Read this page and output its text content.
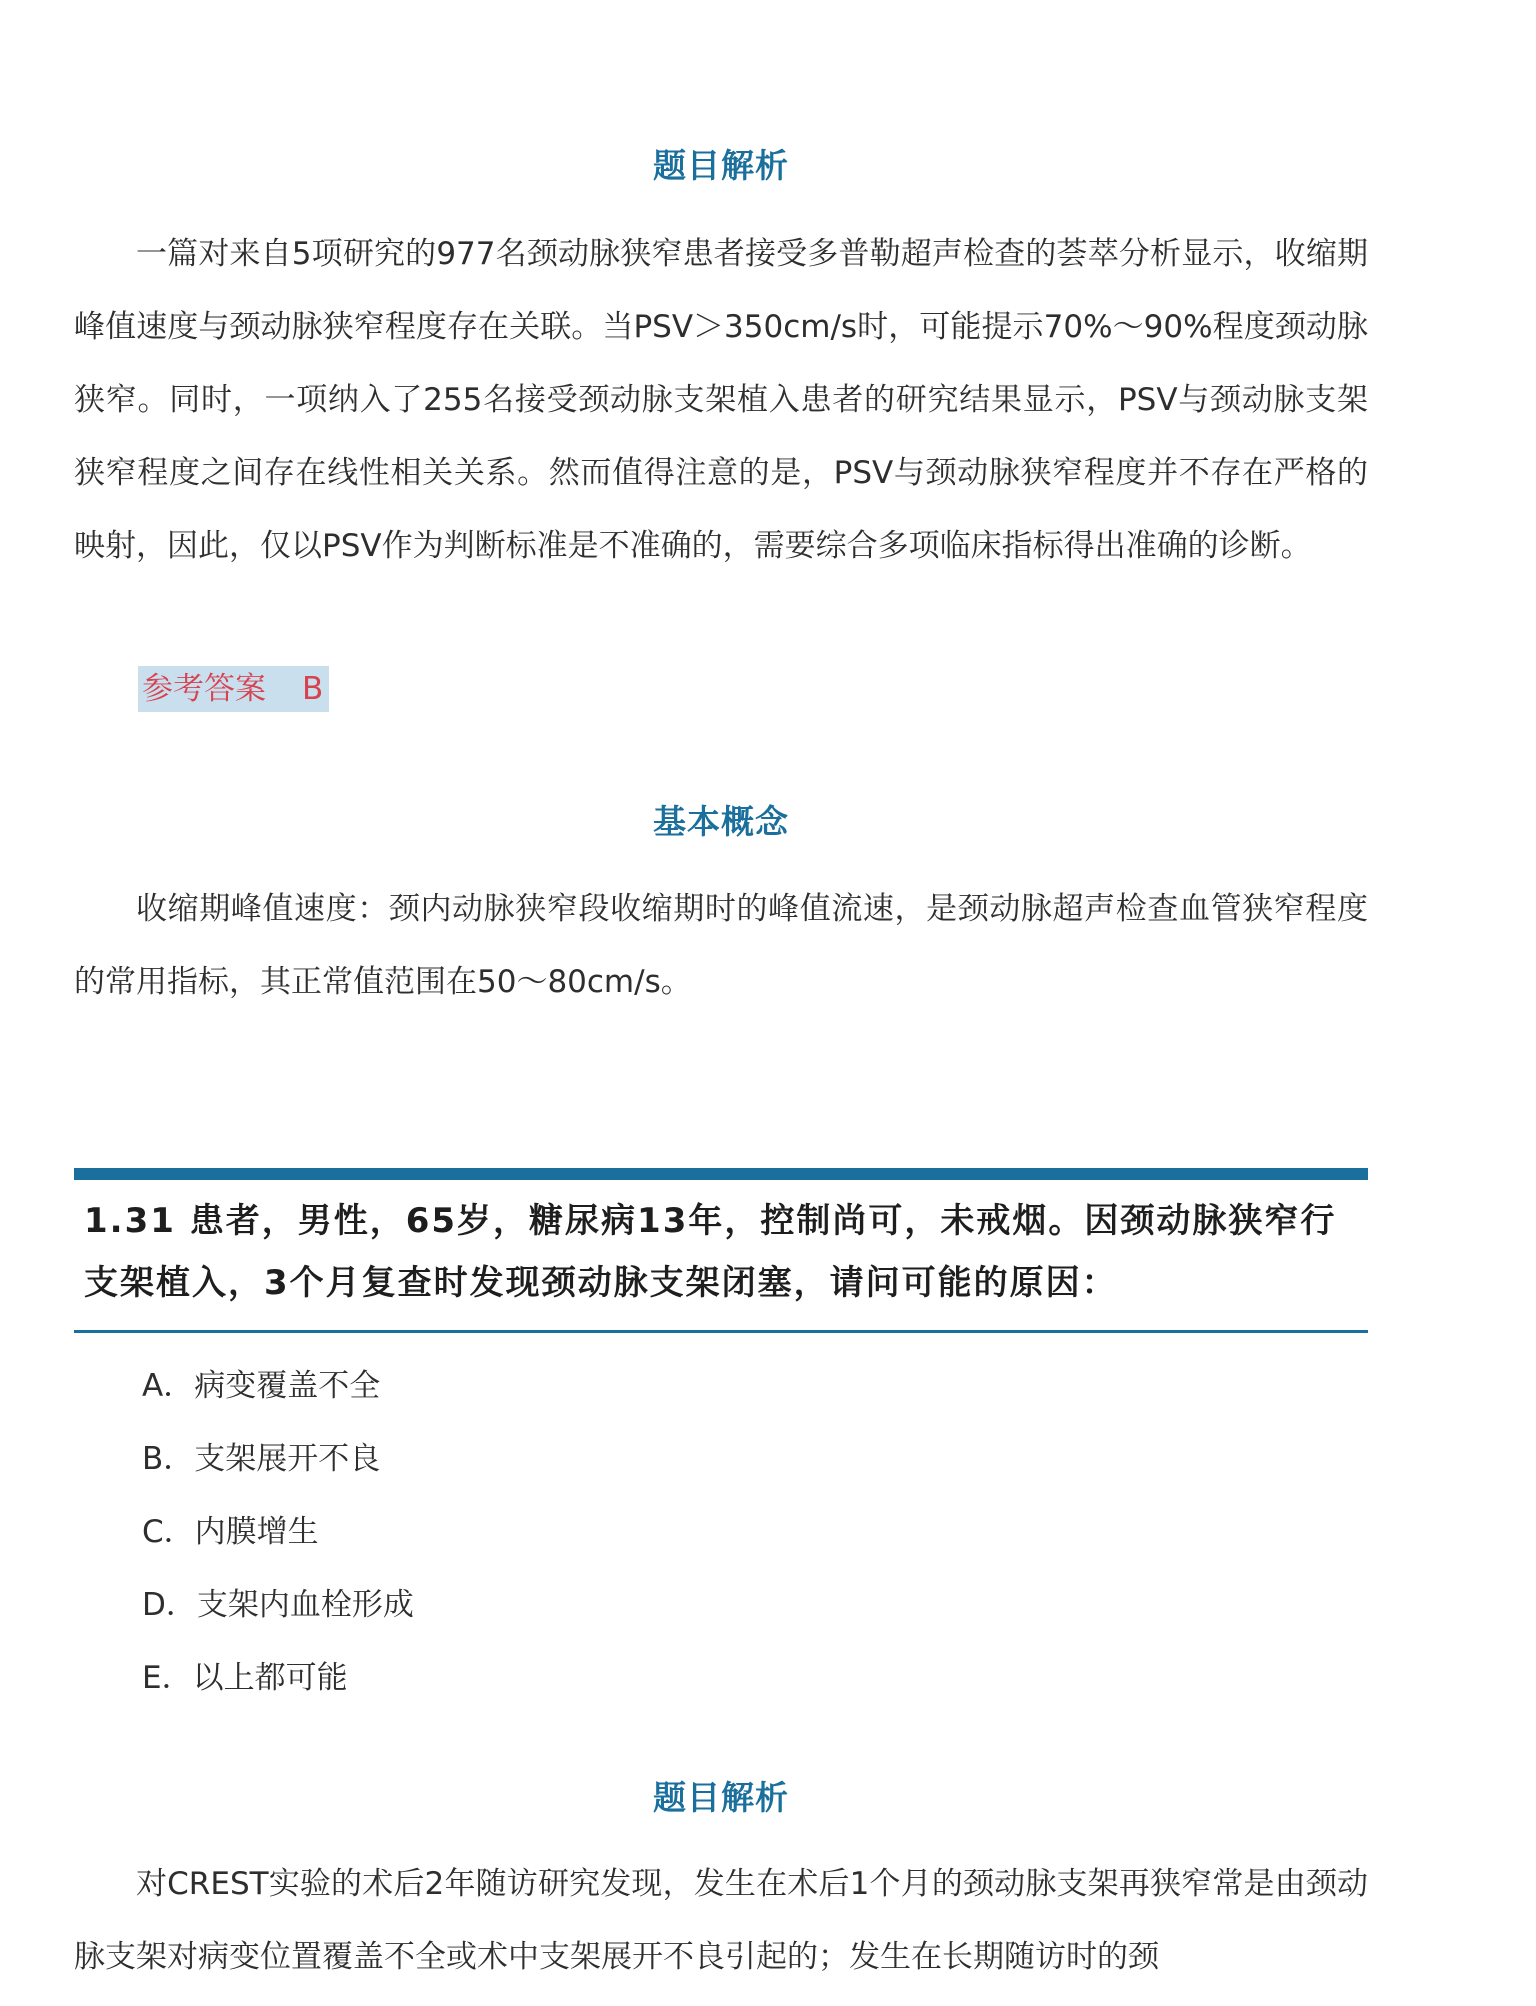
题目解析

一篇对来自5项研究的977名颈动脉狭窄患者接受多普勒超声检查的荟萃分析显示，收缩期峰值速度与颈动脉狭窄程度存在关联。当PSV＞350cm/s时，可能提示70%～90%程度颈动脉狭窄。同时，一项纳入了255名接受颈动脉支架植入患者的研究结果显示，PSV与颈动脉支架狭窄程度之间存在线性相关关系。然而值得注意的是，PSV与颈动脉狭窄程度并不存在严格的映射，因此，仅以PSV作为判断标准是不准确的，需要综合多项临床指标得出准确的诊断。

参考答案 B
基本概念

收缩期峰值速度：颈内动脉狭窄段收缩期时的峰值流速，是颈动脉超声检查血管狭窄程度的常用指标，其正常值范围在50～80cm/s。

1.31 患者，男性，65岁，糖尿病13年，控制尚可，未戒烟。因颈动脉狭窄行支架植入，3个月复查时发现颈动脉支架闭塞，请问可能的原因：
A．病变覆盖不全
B．支架展开不良
C．内膜增生
D．支架内血栓形成
E．以上都可能
题目解析

对CREST实验的术后2年随访研究发现，发生在术后1个月的颈动脉支架再狭窄常是由颈动脉支架对病变位置覆盖不全或术中支架展开不良引起的；发生在长期随访时的颈
